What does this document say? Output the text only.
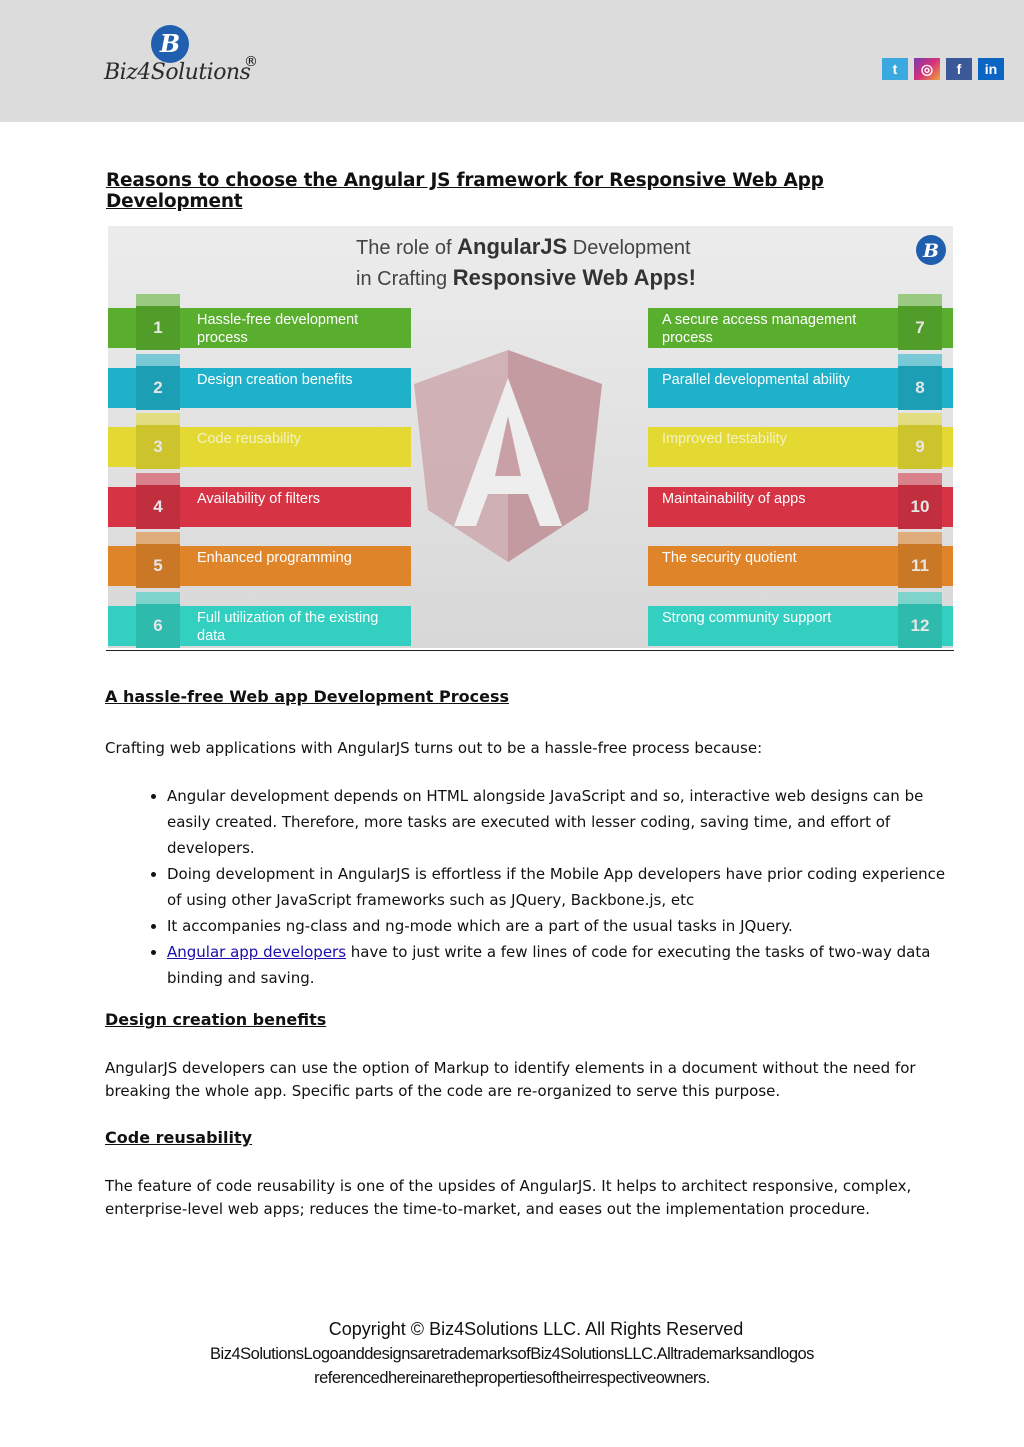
B
Biz4Solutions
®	t	◎	f	in
Reasons to choose the Angular JS framework for Responsive Web App Development
The role of AngularJS Development
in Crafting Responsive Web Apps!
B
1	Hassle-free development process
2	Design creation benefits
3	Code reusability
4	Availability of filters
5	Enhanced programming
6	Full utilization of the existing data
7
A secure access management process
8
Parallel developmental ability
9
Improved testability
10
Maintainability of apps
11
The security quotient
12
Strong community support
A hassle-free Web app Development Process

Crafting web applications with AngularJS turns out to be a hassle-free process because:

• Angular development depends on HTML alongside JavaScript and so, interactive web designs can be easily created. Therefore, more tasks are executed with lesser coding, saving time, and effort of developers.
• Doing development in AngularJS is effortless if the Mobile App developers have prior coding experience of using other JavaScript frameworks such as JQuery, Backbone.js, etc
• It accompanies ng-class and ng-mode which are a part of the usual tasks in JQuery.
• Angular app developers have to just write a few lines of code for executing the tasks of two-way data binding and saving.
Design creation benefits

AngularJS developers can use the option of Markup to identify elements in a document without the need for breaking the whole app. Specific parts of the code are re-organized to serve this purpose.

Code reusability

The feature of code reusability is one of the upsides of AngularJS. It helps to architect responsive, complex, enterprise-level web apps; reduces the time-to-market, and eases out the implementation procedure.

Copyright © Biz4Solutions LLC. All Rights Reserved
Biz4SolutionsLogoanddesignsaretrademarksofBiz4SolutionsLLC.Alltrademarksandlogos
referencedhereinarethepropertiesoftheirrespectiveowners.
